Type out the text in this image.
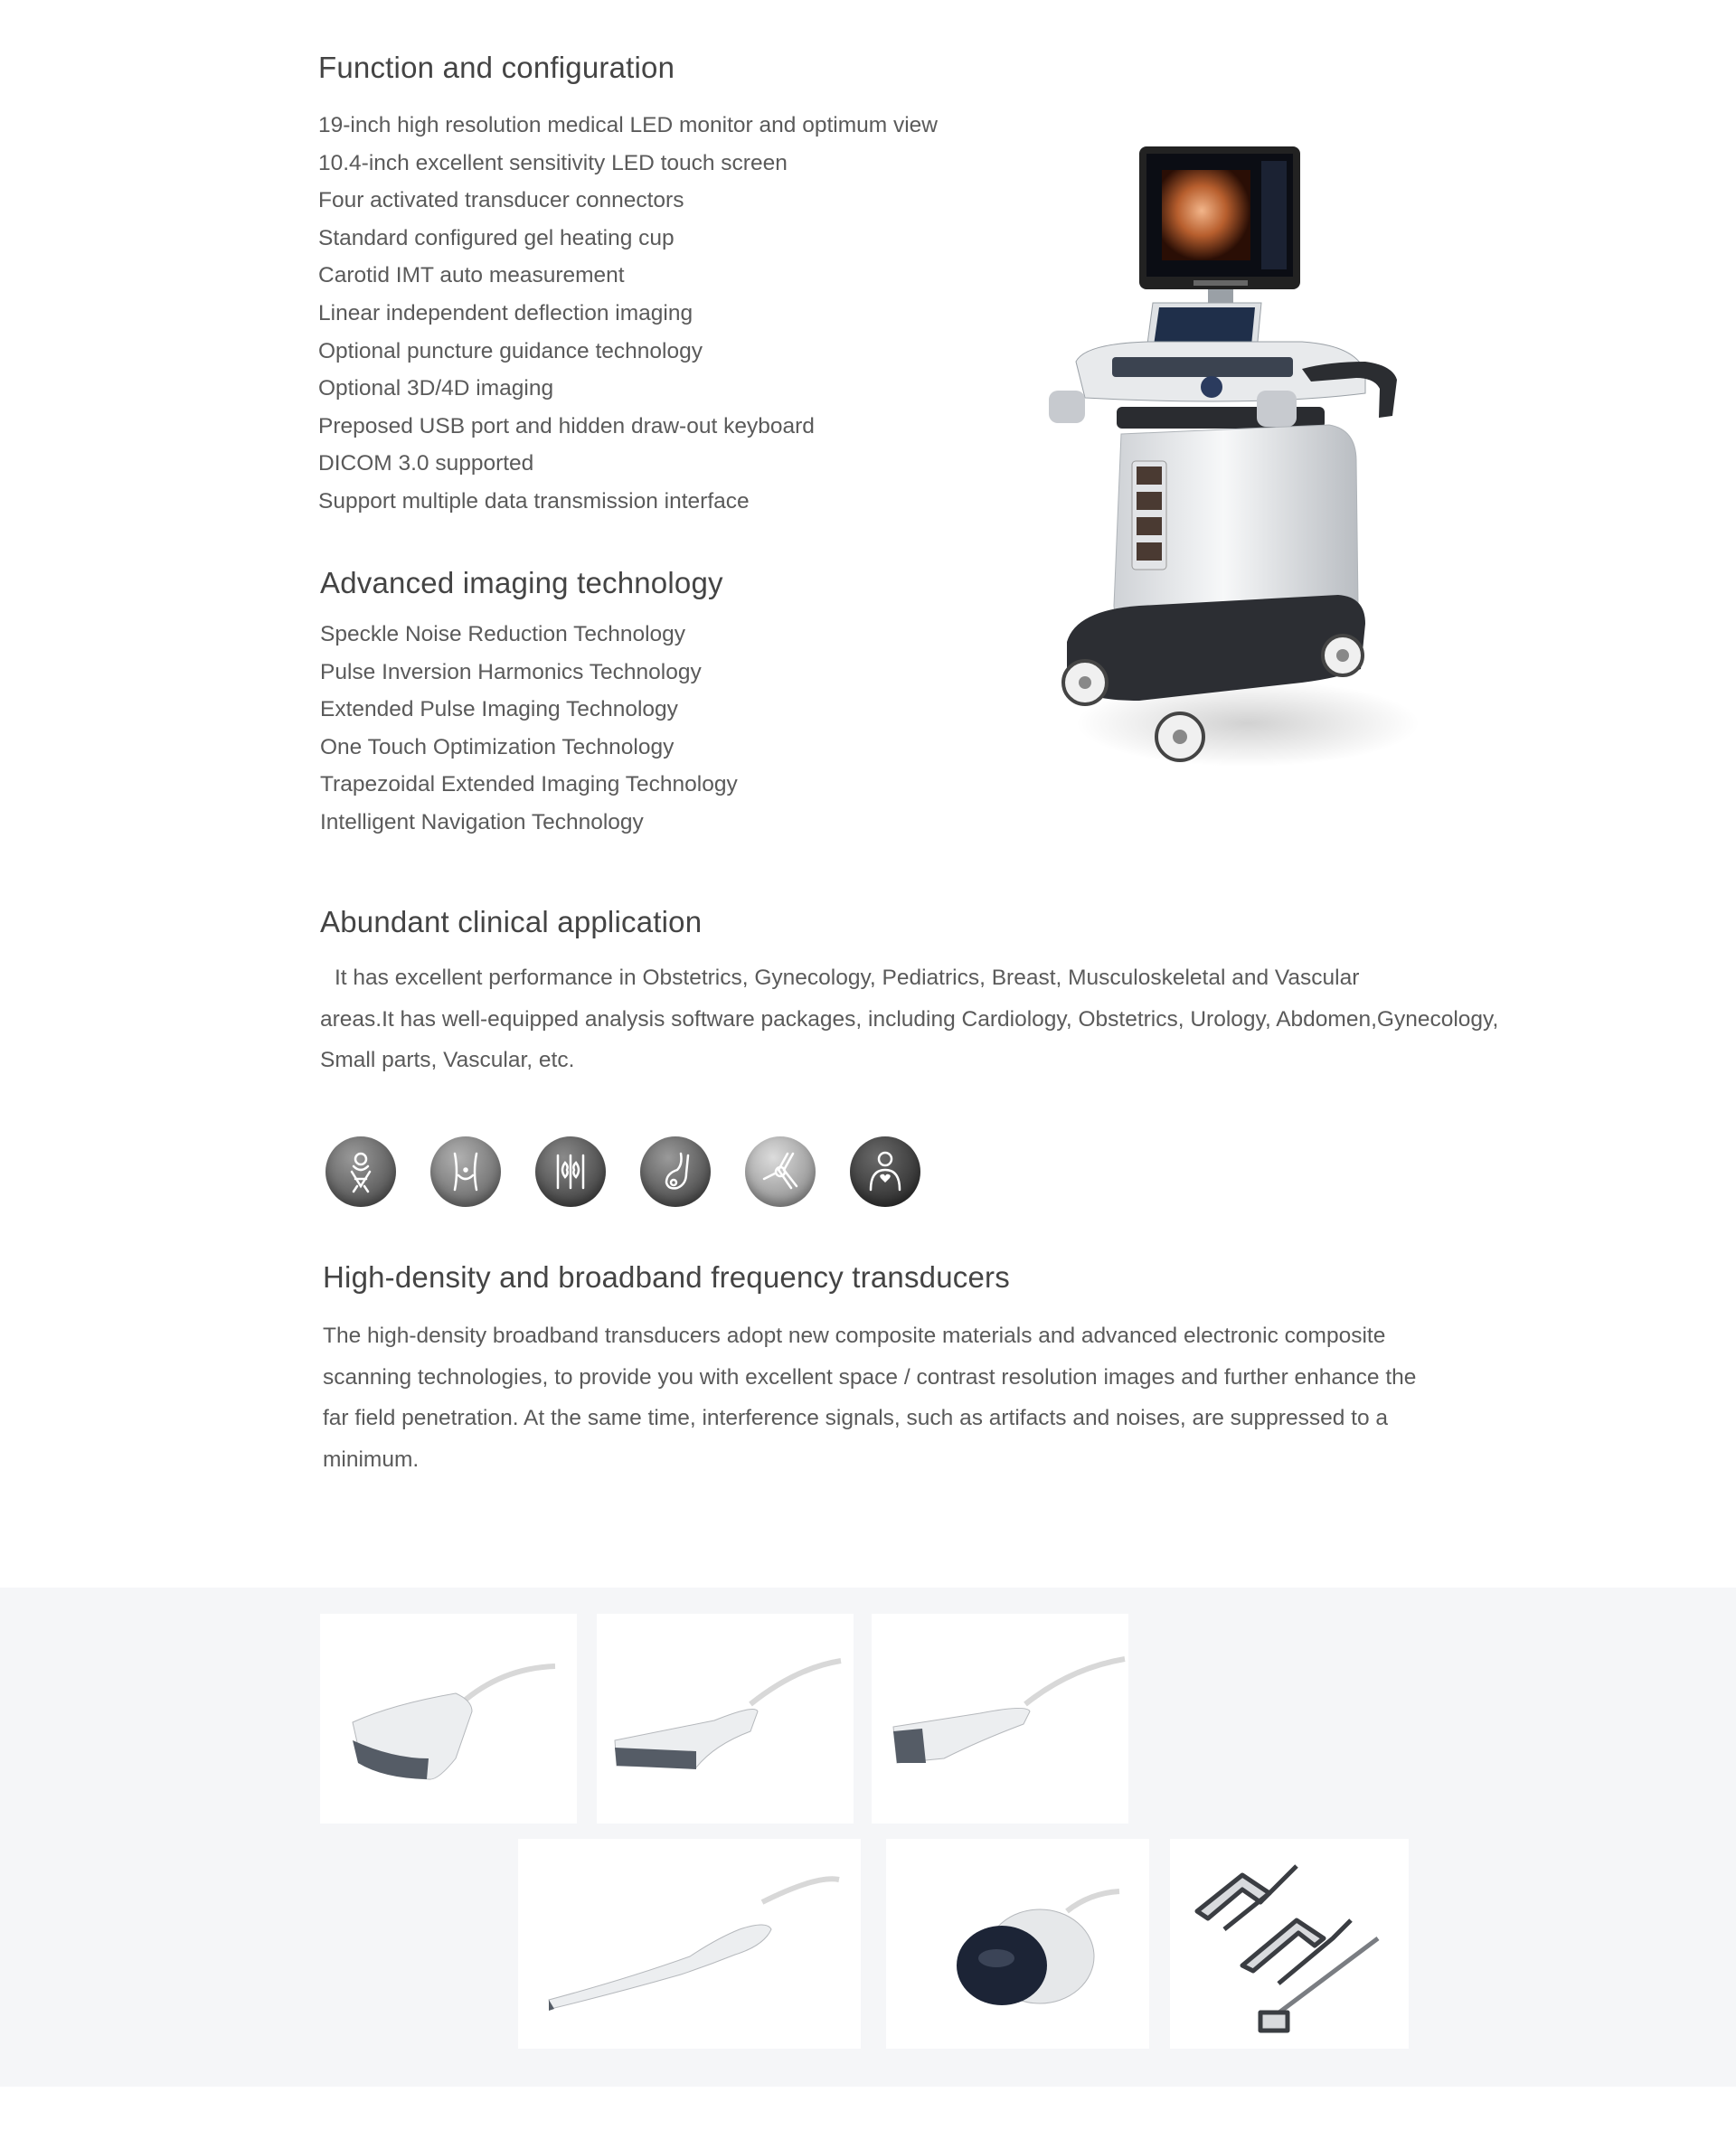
Function and configuration
19-inch high resolution medical LED monitor and optimum view
10.4-inch excellent sensitivity LED touch screen
Four activated transducer connectors
Standard configured gel heating cup
Carotid IMT auto measurement
Linear independent deflection imaging
Optional puncture guidance technology
Optional 3D/4D imaging
Preposed USB port and hidden draw-out keyboard
DICOM 3.0 supported
Support multiple data transmission interface
Advanced imaging technology
Speckle Noise Reduction Technology
Pulse Inversion Harmonics Technology
Extended Pulse Imaging Technology
One Touch Optimization Technology
Trapezoidal Extended Imaging Technology
Intelligent Navigation Technology
Abundant clinical application
It has excellent performance in Obstetrics, Gynecology, Pediatrics, Breast, Musculoskeletal and Vascular
areas.It has well-equipped analysis software packages, including Cardiology, Obstetrics, Urology, Abdomen,Gynecology,
Small parts, Vascular, etc.
High-density and broadband frequency transducers
The high-density broadband transducers adopt new composite materials and advanced electronic composite
scanning technologies, to provide you with excellent space / contrast resolution images and further enhance the
far field penetration. At the same time, interference signals, such as artifacts and noises, are suppressed to a
minimum.
